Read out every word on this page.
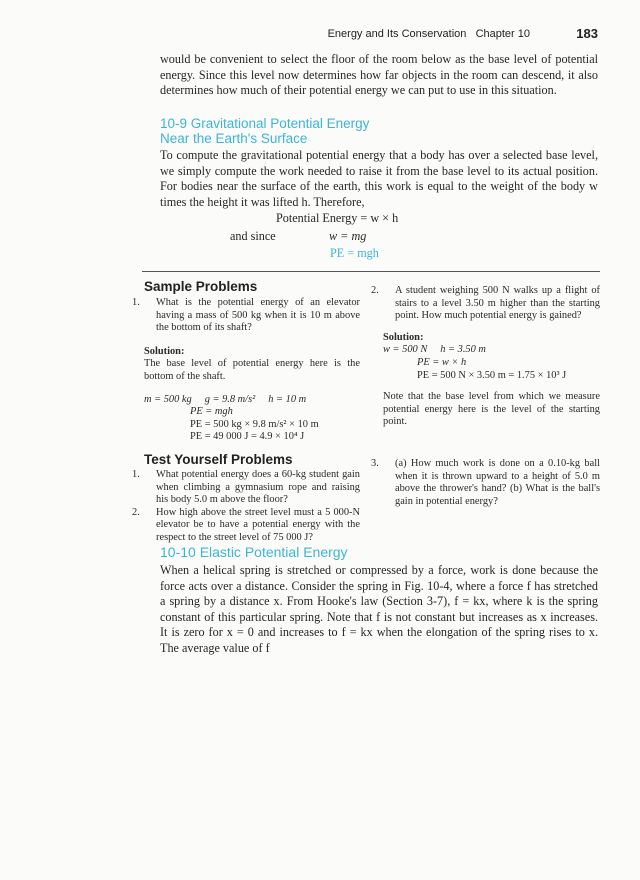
Energy and Its Conservation Chapter 10	183

would be convenient to select the floor of the room below as the base level of potential energy. Since this level now determines how far objects in the room can descend, it also determines how much of their potential energy we can put to use in this situation.

10-9 Gravitational Potential Energy
Near the Earth's Surface

To compute the gravitational potential energy that a body has over a selected base level, we simply compute the work needed to raise it from the base level to its actual position. For bodies near the surface of the earth, this work is equal to the weight of the body w times the height it was lifted h. Therefore,

Potential Energy = w × h
and since	w = mg
PE = mgh
Sample Problems

1. What is the potential energy of an elevator having a mass of 500 kg when it is 10 m above the bottom of its shaft?

Solution:

The base level of potential energy here is the bottom of the shaft.

m = 500 kg     g = 9.8 m/s²     h = 10 m

PE = mgh

PE = 500 kg × 9.8 m/s² × 10 m

PE = 49 000 J = 4.9 × 10⁴ J

2. A student weighing 500 N walks up a flight of stairs to a level 3.50 m higher than the starting point. How much potential energy is gained?

Solution:

w = 500 N     h = 3.50 m

PE = w × h

PE = 500 N × 3.50 m = 1.75 × 10³ J

Note that the base level from which we measure potential energy here is the level of the starting point.

Test Yourself Problems

1. What potential energy does a 60-kg student gain when climbing a gymnasium rope and raising his body 5.0 m above the floor?

2. How high above the street level must a 5 000-N elevator be to have a potential energy with the respect to the street level of 75 000 J?

3. (a) How much work is done on a 0.10-kg ball when it is thrown upward to a height of 5.0 m above the thrower's hand? (b) What is the ball's gain in potential energy?

10-10 Elastic Potential Energy

When a helical spring is stretched or compressed by a force, work is done because the force acts over a distance. Consider the spring in Fig. 10-4, where a force f has stretched a spring by a distance x. From Hooke's law (Section 3-7), f = kx, where k is the spring constant of this particular spring. Note that f is not constant but increases as x increases. It is zero for x = 0 and increases to f = kx when the elongation of the spring rises to x. The average value of f
